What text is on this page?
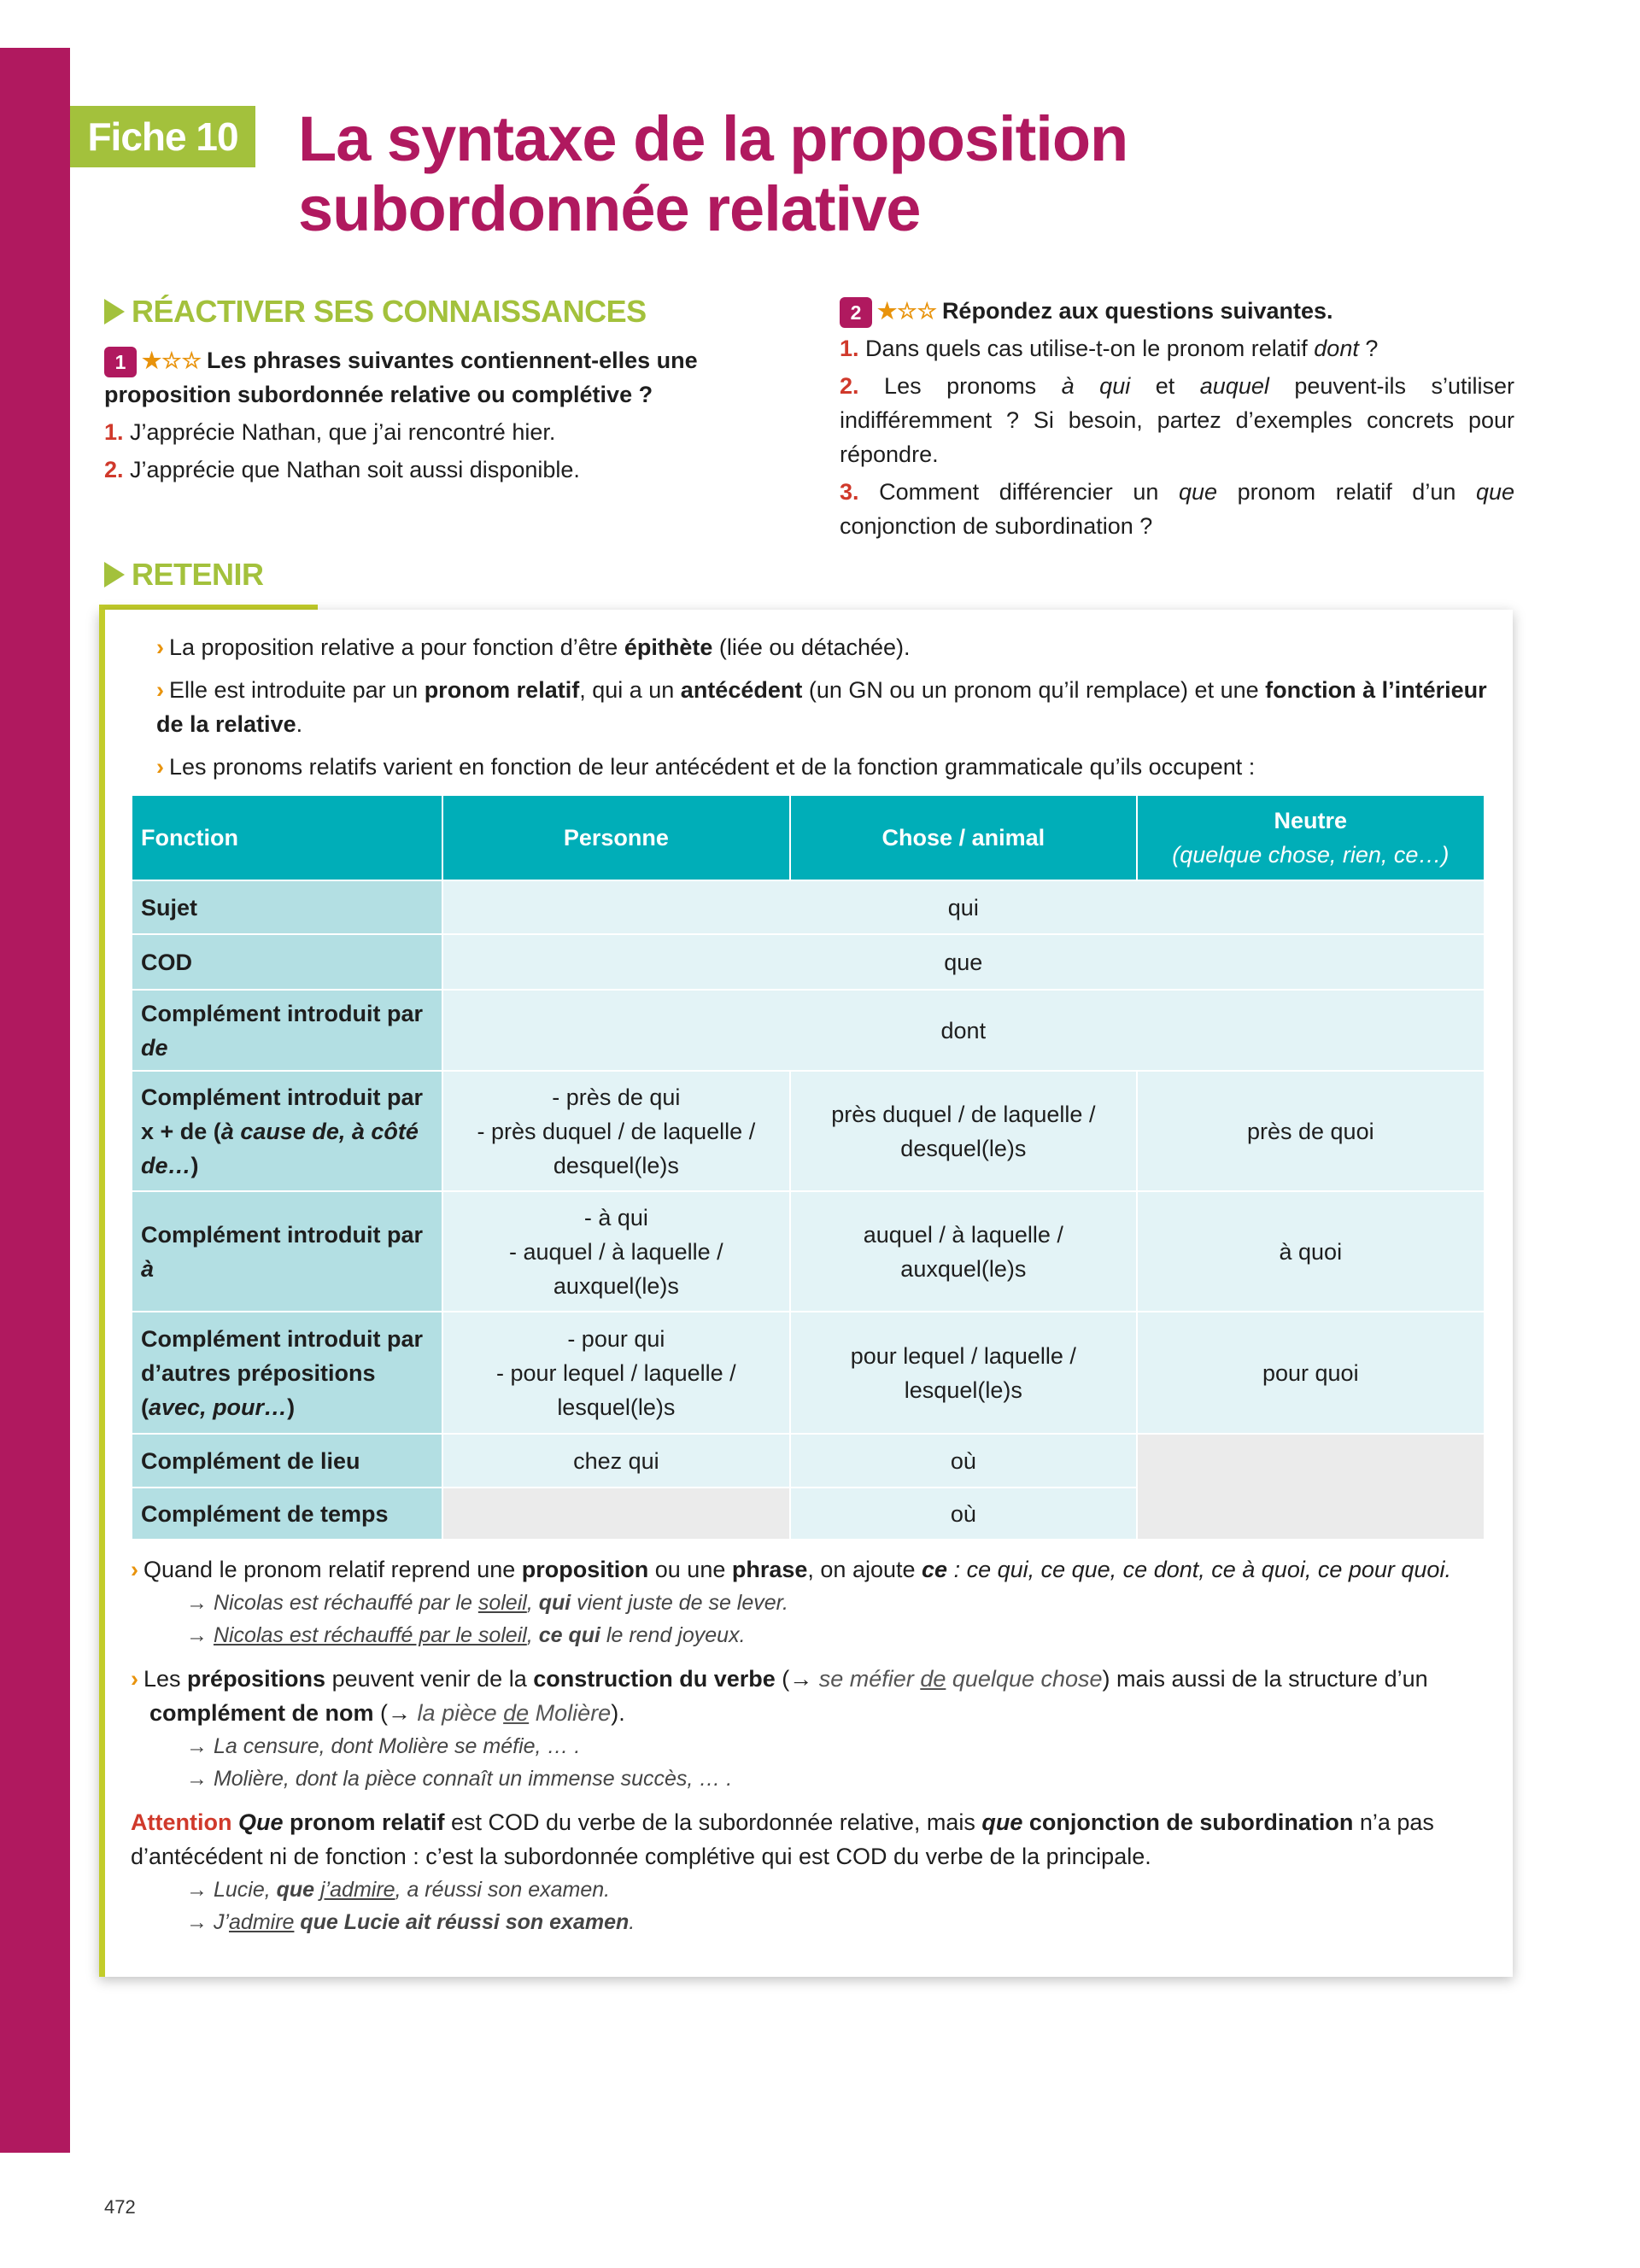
Fiche 10 La syntaxe de la proposition
subordonnée relative
RÉACTIVER SES CONNAISSANCES
1 ★☆☆ Les phrases suivantes contiennent-elles une proposition subordonnée relative ou complétive ?
1. J’apprécie Nathan, que j’ai rencontré hier.
2. J’apprécie que Nathan soit aussi disponible.
2 ★☆☆ Répondez aux questions suivantes.
1. Dans quels cas utilise-t-on le pronom relatif dont ?
2. Les pronoms à qui et auquel peuvent-ils s’utiliser indifféremment ? Si besoin, partez d’exemples concrets pour répondre.
3. Comment différencier un que pronom relatif d’un que conjonction de subordination ?
RETENIR
› La proposition relative a pour fonction d’être épithète (liée ou détachée).
› Elle est introduite par un pronom relatif, qui a un antécédent (un GN ou un pronom qu’il remplace) et une fonction à l’intérieur de la relative.
› Les pronoms relatifs varient en fonction de leur antécédent et de la fonction grammaticale qu’ils occupent :
Fonction	Personne	Chose / animal	Neutre
(quelque chose, rien, ce…)
Sujet	qui		
COD	que		
Complément introduit par de	dont		
Complément introduit par x + de (à cause de, à côté de…)	- près de qui
- près duquel / de laquelle / desquel(le)s	près duquel / de laquelle / desquel(le)s	près de quoi
Complément introduit par à	- à qui
- auquel / à laquelle / auxquel(le)s	auquel / à laquelle / auxquel(le)s	à quoi
Complément introduit par d’autres prépositions (avec, pour…)	- pour qui
- pour lequel / laquelle / lesquel(le)s	pour lequel / laquelle / lesquel(le)s	pour quoi
Complément de lieu	chez qui	où	
Complément de temps		où	
› Quand le pronom relatif reprend une proposition ou une phrase, on ajoute ce : ce qui, ce que, ce dont, ce à quoi, ce pour quoi.
→ Nicolas est réchauffé par le soleil, qui vient juste de se lever.
→ Nicolas est réchauffé par le soleil, ce qui le rend joyeux.
› Les prépositions peuvent venir de la construction du verbe (→ se méfier de quelque chose) mais aussi de la structure d’un complément de nom (→ la pièce de Molière).
→ La censure, dont Molière se méfie, … .
→ Molière, dont la pièce connaît un immense succès, … .
Attention Que pronom relatif est COD du verbe de la subordonnée relative, mais que conjonction de subordination n’a pas d’antécédent ni de fonction : c’est la subordonnée complétive qui est COD du verbe de la principale.
→ Lucie, que j’admire, a réussi son examen.
→ J’admire que Lucie ait réussi son examen.
472
